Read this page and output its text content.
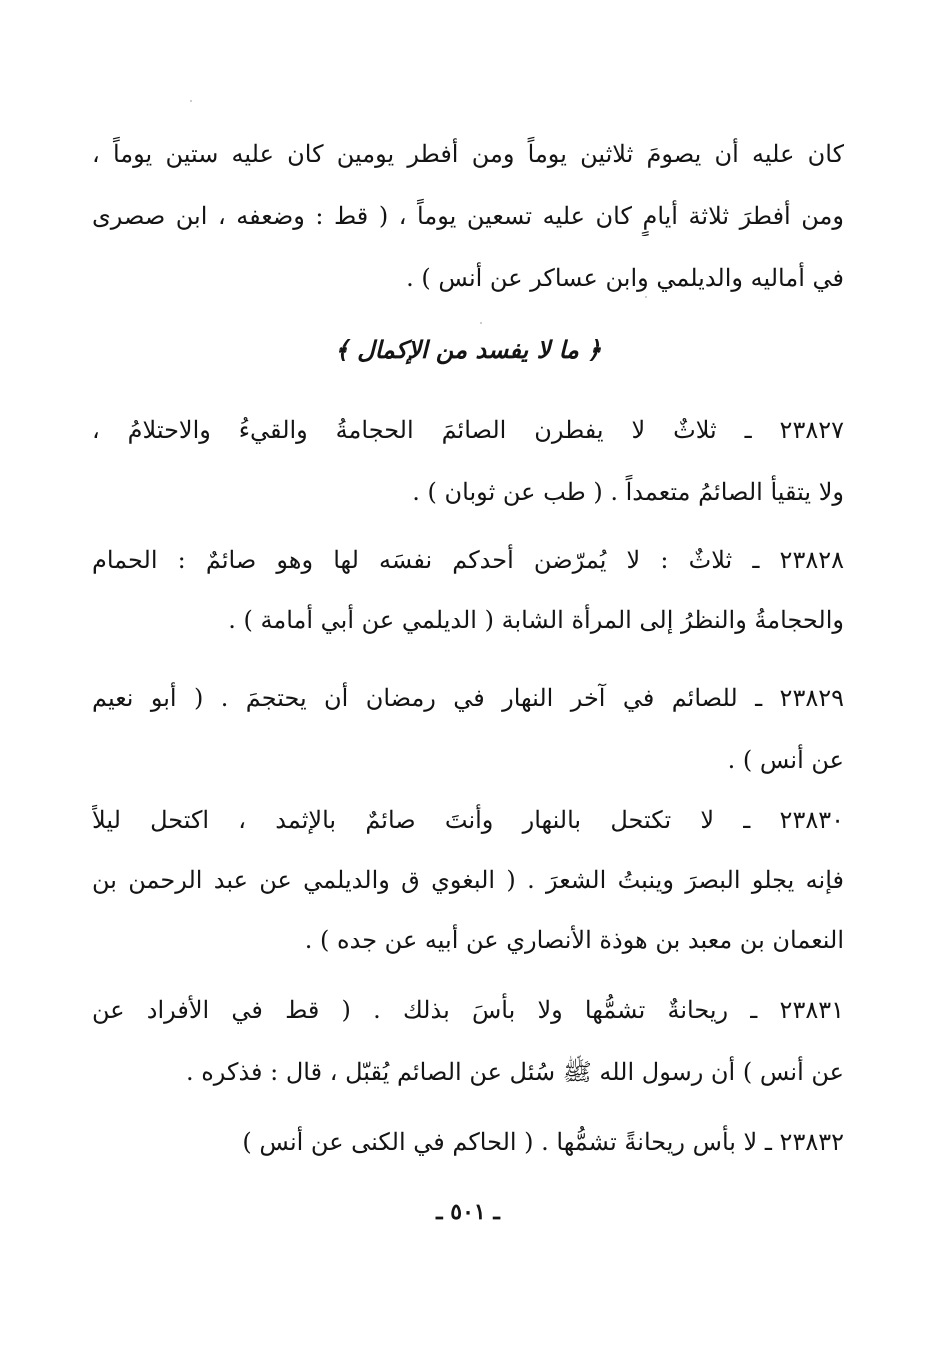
كان عليه أن يصومَ ثلاثين يوماً ومن أفطر يومين كان عليه ستين يوماً ،
ومن أفطرَ ثلاثة أيامٍ كان عليه تسعين يوماً ، ( قط : وضعفه ، ابن صصرى
في أماليه والديلمي وابن عساكر عن أنس ) .
﴿ ما لا يفسد من الإكمال ﴾
٢٣٨٢٧ ـ ثلاثٌ لا يفطرن الصائمَ الحجامةُ والقيءُ والاحتلامُ ،
ولا يتقيأ الصائمُ متعمداً . ( طب عن ثوبان ) .
٢٣٨٢٨ ـ ثلاثٌ : لا يُمرّضن أحدكم نفسَه لها وهو صائمٌ : الحمام
والحجامةُ والنظرُ إلى المرأة الشابة ( الديلمي عن أبي أمامة ) .
٢٣٨٢٩ ـ للصائم في آخر النهار في رمضان أن يحتجمَ . ( أبو نعيم
عن أنس ) .
٢٣٨٣٠ ـ لا تكتحل بالنهار وأنتَ صائمٌ بالإثمد ، اكتحل ليلاً
فإنه يجلو البصرَ وينبتُ الشعرَ . ( البغوي ق والديلمي عن عبد الرحمن بن
النعمان بن معبد بن هوذة الأنصاري عن أبيه عن جده ) .
٢٣٨٣١ ـ ريحانةٌ تشمُّها ولا بأسَ بذلك . ( قط في الأفراد عن
عن أنس ) أن رسول الله ﷺ سُئل عن الصائم يُقبّل ، قال : فذكره .
٢٣٨٣٢ ـ لا بأس ريحانةً تشمُّها . ( الحاكم في الكنى عن أنس )
ـ ٥٠١ ـ
